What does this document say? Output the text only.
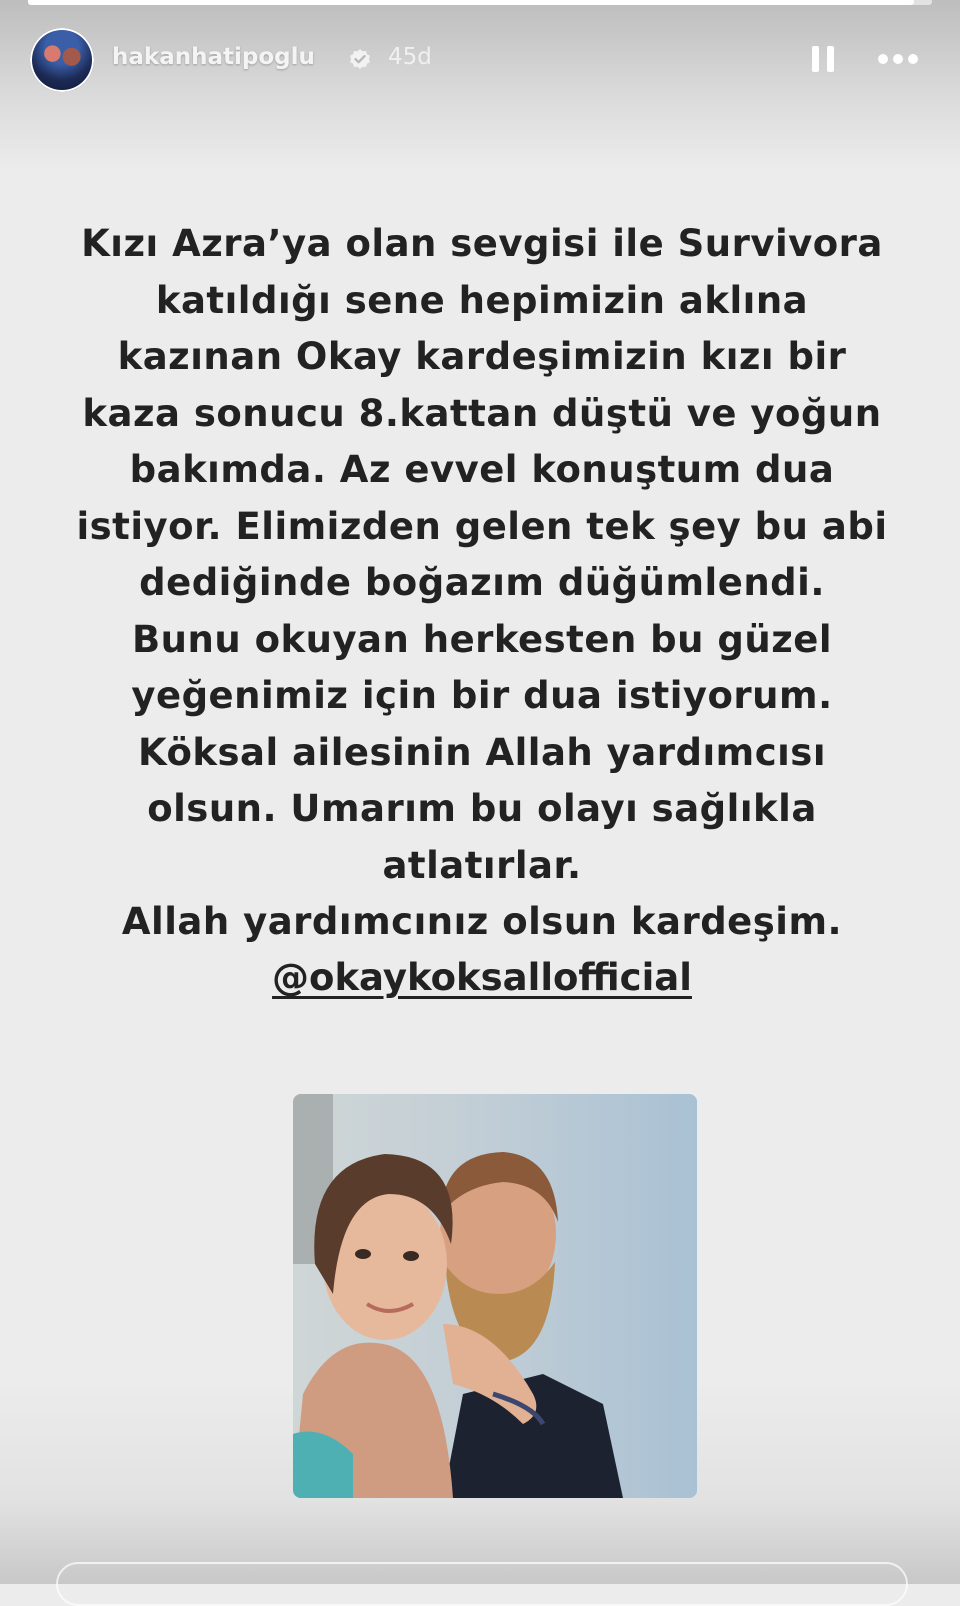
hakanhatipoglu	45d
Kızı Azra’ya olan sevgisi ile Survivora
katıldığı sene hepimizin aklına
kazınan Okay kardeşimizin kızı bir
kaza sonucu 8.kattan düştü ve yoğun
bakımda. Az evvel konuştum dua
istiyor. Elimizden gelen tek şey bu abi
dediğinde boğazım düğümlendi.
Bunu okuyan herkesten bu güzel
yeğenimiz için bir dua istiyorum.
Köksal ailesinin Allah yardımcısı
olsun. Umarım bu olayı sağlıkla
atlatırlar.
Allah yardımcınız olsun kardeşim.
@okaykoksallofficial
